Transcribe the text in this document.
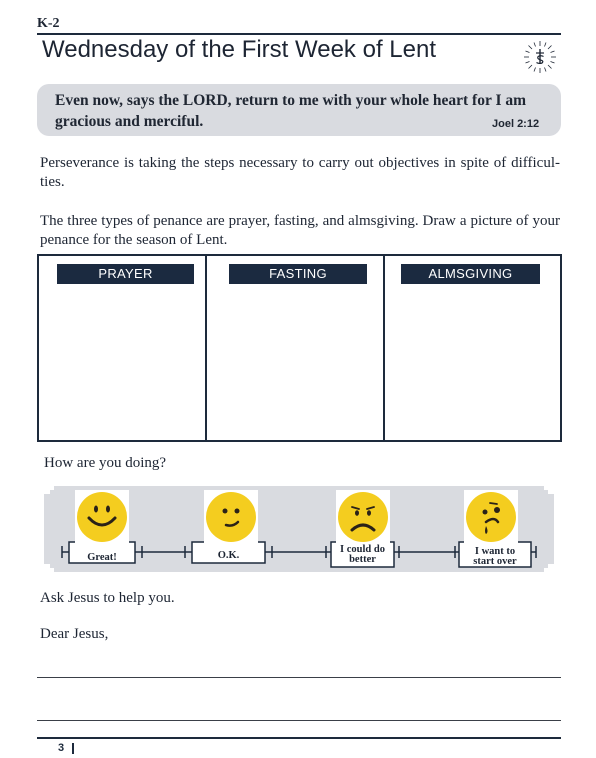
K-2
Wednesday of the First Week of Lent
Even now, says the LORD, return to me with your whole heart for I am gracious and merciful.	Joel 2:12
Perseverance is taking the steps necessary to carry out objectives in spite of difficul-ties.
The three types of penance are prayer, fasting, and almsgiving. Draw a picture of your penance for the season of Lent.
PRAYER	FASTING	ALMSGIVING
How are you doing?
Great!	O.K.
I could do
better
I want to
start over
Ask Jesus to help you.
Dear Jesus,
3
